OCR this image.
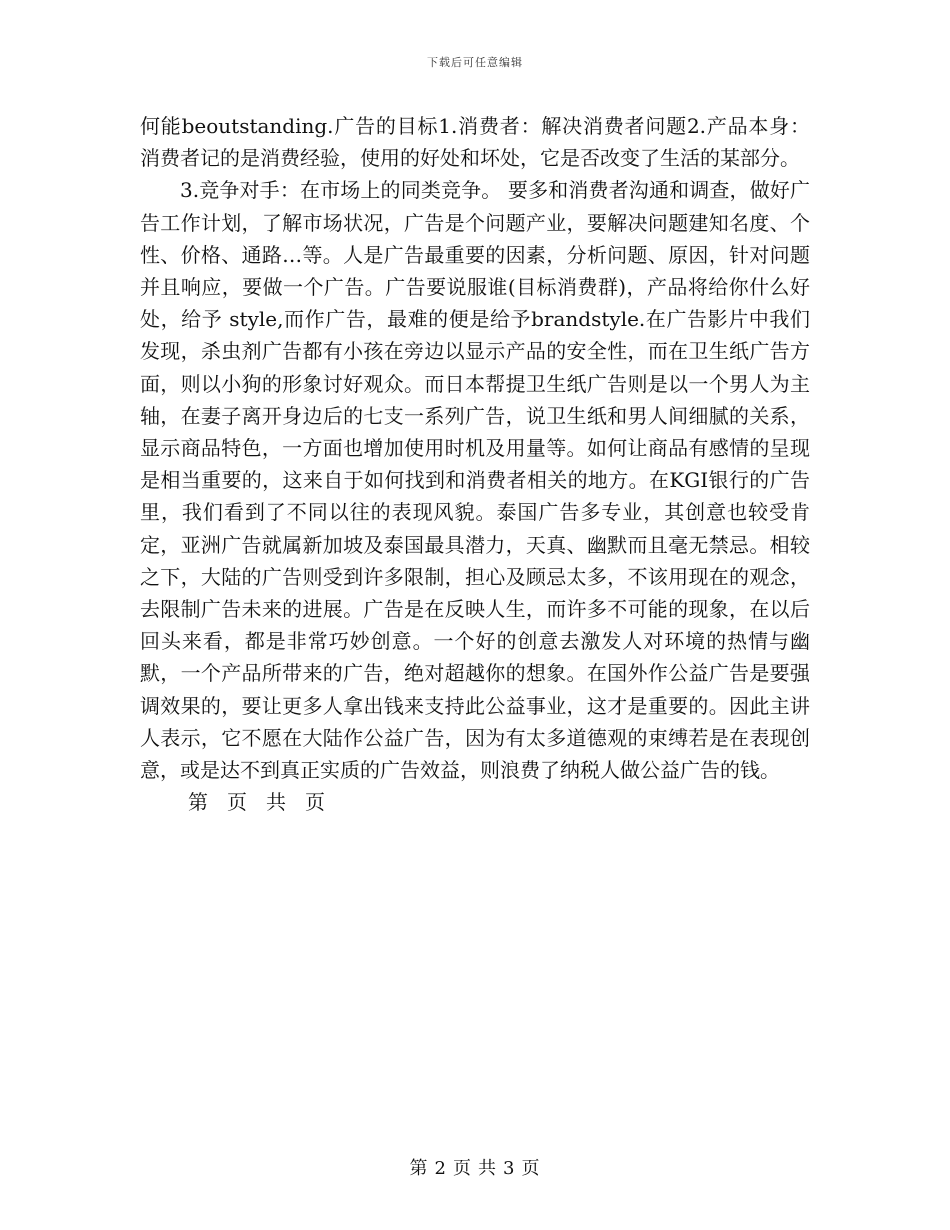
下载后可任意编辑

何能beoutstanding.广告的目标1.消费者：解决消费者问题2.产品本身：消费者记的是消费经验，使用的好处和坏处，它是否改变了生活的某部分。

3.竞争对手：在市场上的同类竞争。 要多和消费者沟通和调查，做好广告工作计划，了解市场状况，广告是个问题产业，要解决问题建知名度、个性、价格、通路…等。人是广告最重要的因素，分析问题、原因，针对问题并且响应，要做一个广告。广告要说服谁(目标消费群)，产品将给你什么好处，给予 style,而作广告，最难的便是给予brandstyle.在广告影片中我们发现，杀虫剂广告都有小孩在旁边以显示产品的安全性，而在卫生纸广告方面，则以小狗的形象讨好观众。而日本帮提卫生纸广告则是以一个男人为主轴，在妻子离开身边后的七支一系列广告，说卫生纸和男人间细腻的关系，显示商品特色，一方面也增加使用时机及用量等。如何让商品有感情的呈现是相当重要的，这来自于如何找到和消费者相关的地方。在KGI银行的广告里，我们看到了不同以往的表现风貌。泰国广告多专业，其创意也较受肯定，亚洲广告就属新加坡及泰国最具潜力，天真、幽默而且毫无禁忌。相较之下，大陆的广告则受到许多限制，担心及顾忌太多，不该用现在的观念，去限制广告未来的进展。广告是在反映人生，而许多不可能的现象，在以后回头来看，都是非常巧妙创意。一个好的创意去激发人对环境的热情与幽默，一个产品所带来的广告，绝对超越你的想象。在国外作公益广告是要强调效果的，要让更多人拿出钱来支持此公益事业，这才是重要的。因此主讲人表示，它不愿在大陆作公益广告，因为有太多道德观的束缚若是在表现创意，或是达不到真正实质的广告效益，则浪费了纳税人做公益广告的钱。

第 页 共 页

第 2 页 共 3 页
